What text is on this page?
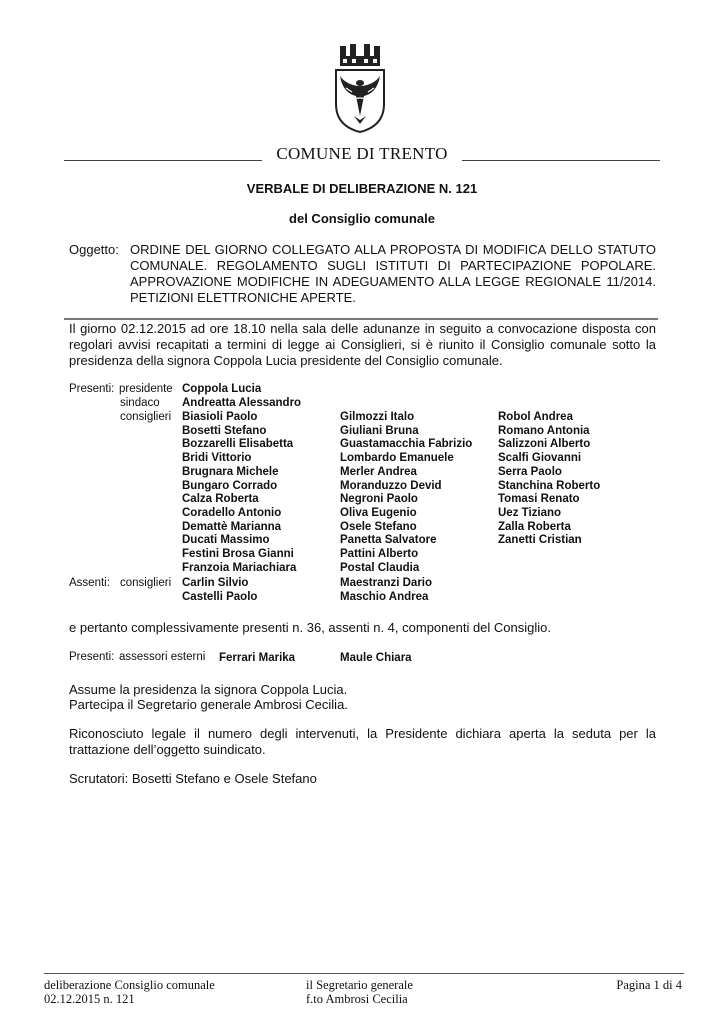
COMUNE DI TRENTO
VERBALE DI DELIBERAZIONE N. 121
del Consiglio comunale
Oggetto: ORDINE DEL GIORNO COLLEGATO ALLA PROPOSTA DI MODIFICA DELLO STATUTO COMUNALE. REGOLAMENTO SUGLI ISTITUTI DI PARTECIPAZIONE POPOLARE. APPROVAZIONE MODIFICHE IN ADEGUAMENTO ALLA LEGGE REGIONALE 11/2014. PETIZIONI ELETTRONICHE APERTE.
Il giorno 02.12.2015 ad ore 18.10 nella sala delle adunanze in seguito a convocazione disposta con regolari avvisi recapitati a termini di legge ai Consiglieri, si è riunito il Consiglio comunale sotto la presidenza della signora Coppola Lucia presidente del Consiglio comunale.
Presenti: presidente Coppola Lucia
sindaco Andreatta Alessandro
consiglieri Biasioli Paolo
Bosetti Stefano
Bozzarelli Elisabetta
Bridi Vittorio
Brugnara Michele
Bungaro Corrado
Calza Roberta
Coradello Antonio
Demattè Marianna
Ducati Massimo
Festini Brosa Gianni
Franzoia Mariachiara
Gilmozzi Italo
Giuliani Bruna
Guastamacchia Fabrizio
Lombardo Emanuele
Merler Andrea
Moranduzzo Devid
Negroni Paolo
Oliva Eugenio
Osele Stefano
Panetta Salvatore
Pattini Alberto
Postal Claudia
Robol Andrea
Romano Antonia
Salizzoni Alberto
Scalfi Giovanni
Serra Paolo
Stanchina Roberto
Tomasi Renato
Uez Tiziano
Zalla Roberta
Zanetti Cristian
Assenti: consiglieri Carlin Silvio
Castelli Paolo
Maestranzi Dario
Maschio Andrea
e pertanto complessivamente presenti n. 36, assenti n. 4, componenti del Consiglio.
Presenti: assessori esterni Ferrari Marika	Maule Chiara
Assume la presidenza la signora Coppola Lucia.
Partecipa il Segretario generale Ambrosi Cecilia.
Riconosciuto legale il numero degli intervenuti, la Presidente dichiara aperta la seduta per la trattazione dell’oggetto suindicato.
Scrutatori: Bosetti Stefano e Osele Stefano
deliberazione Consiglio comunale
02.12.2015 n. 121
il Segretario generale
f.to Ambrosi Cecilia
Pagina 1 di 4
